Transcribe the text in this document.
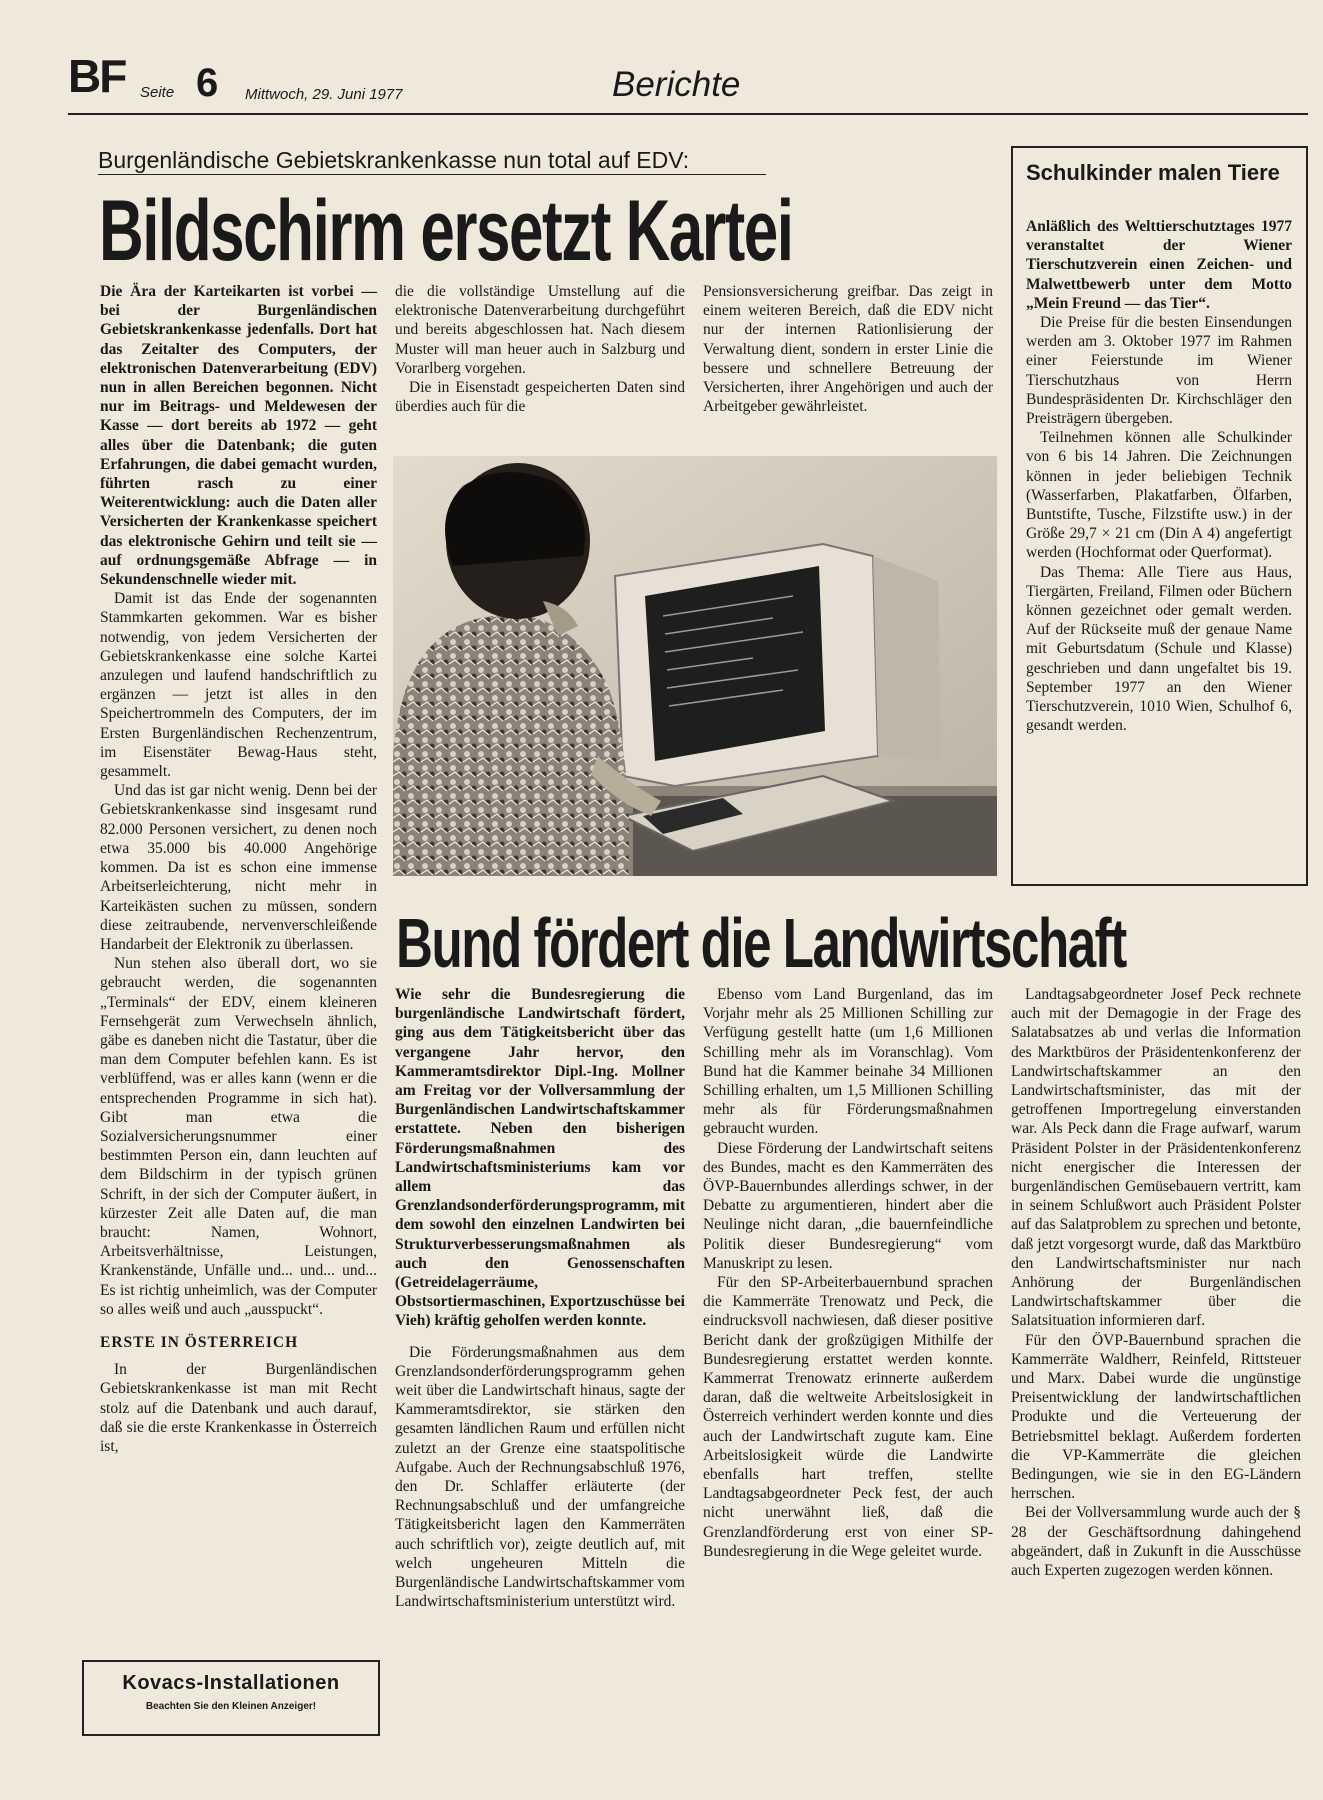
BF Seite 6 Mittwoch, 29. Juni 1977	Berichte
Burgenländische Gebietskrankenkasse nun total auf EDV:
Bildschirm ersetzt Kartei

Die Ära der Karteikarten ist vorbei — bei der Burgenländischen Gebietskrankenkasse jedenfalls. Dort hat das Zeitalter des Computers, der elektronischen Datenverarbeitung (EDV) nun in allen Bereichen begonnen. Nicht nur im Beitrags- und Meldewesen der Kasse — dort bereits ab 1972 — geht alles über die Datenbank; die guten Erfahrungen, die dabei gemacht wurden, führten rasch zu einer Weiterentwicklung: auch die Daten aller Versicherten der Krankenkasse speichert das elektronische Gehirn und teilt sie — auf ordnungsgemäße Abfrage — in Sekundenschnelle wieder mit.

Damit ist das Ende der sogenannten Stammkarten gekommen. War es bisher notwendig, von jedem Versicherten der Gebietskrankenkasse eine solche Kartei anzulegen und laufend handschriftlich zu ergänzen — jetzt ist alles in den Speichertrommeln des Computers, der im Ersten Burgenländischen Rechenzentrum, im Eisenstäter Bewag-Haus steht, gesammelt.

Und das ist gar nicht wenig. Denn bei der Gebietskrankenkasse sind insgesamt rund 82.000 Personen versichert, zu denen noch etwa 35.000 bis 40.000 Angehörige kommen. Da ist es schon eine immense Arbeitserleichterung, nicht mehr in Karteikästen suchen zu müssen, sondern diese zeitraubende, nervenverschleißende Handarbeit der Elektronik zu überlassen.

Nun stehen also überall dort, wo sie gebraucht werden, die sogenannten „Terminals“ der EDV, einem kleineren Fernsehgerät zum Verwechseln ähnlich, gäbe es daneben nicht die Tastatur, über die man dem Computer befehlen kann. Es ist verblüffend, was er alles kann (wenn er die entsprechenden Programme in sich hat). Gibt man etwa die Sozialversicherungsnummer einer bestimmten Person ein, dann leuchten auf dem Bildschirm in der typisch grünen Schrift, in der sich der Computer äußert, in kürzester Zeit alle Daten auf, die man braucht: Namen, Wohnort, Arbeitsverhältnisse, Leistungen, Krankenstände, Unfälle und... und... und... Es ist richtig unheimlich, was der Computer so alles weiß und auch „ausspuckt“.

ERSTE IN ÖSTERREICH

In der Burgenländischen Gebietskrankenkasse ist man mit Recht stolz auf die Datenbank und auch darauf, daß sie die erste Krankenkasse in Österreich ist,

die die vollständige Umstellung auf die elektronische Datenverarbeitung durchgeführt und bereits abgeschlossen hat. Nach diesem Muster will man heuer auch in Salzburg und Vorarlberg vorgehen.

Die in Eisenstadt gespeicherten Daten sind überdies auch für die

Pensionsversicherung greifbar. Das zeigt in einem weiteren Bereich, daß die EDV nicht nur der internen Rationlisierung der Verwaltung dient, sondern in erster Linie die bessere und schnellere Betreuung der Versicherten, ihrer Angehörigen und auch der Arbeitgeber gewährleistet.

Schulkinder malen Tiere

Anläßlich des Welttierschutztages 1977 veranstaltet der Wiener Tierschutzverein einen Zeichen- und Malwettbewerb unter dem Motto „Mein Freund — das Tier“.

Die Preise für die besten Einsendungen werden am 3. Oktober 1977 im Rahmen einer Feierstunde im Wiener Tierschutzhaus von Herrn Bundespräsidenten Dr. Kirchschläger den Preisträgern übergeben.

Teilnehmen können alle Schulkinder von 6 bis 14 Jahren. Die Zeichnungen können in jeder beliebigen Technik (Wasserfarben, Plakatfarben, Ölfarben, Buntstifte, Tusche, Filzstifte usw.) in der Größe 29,7 × 21 cm (Din A 4) angefertigt werden (Hochformat oder Querformat).

Das Thema: Alle Tiere aus Haus, Tiergärten, Freiland, Filmen oder Büchern können gezeichnet oder gemalt werden. Auf der Rückseite muß der genaue Name mit Geburtsdatum (Schule und Klasse) geschrieben und dann ungefaltet bis 19. September 1977 an den Wiener Tierschutzverein, 1010 Wien, Schulhof 6, gesandt werden.

Bund fördert die Landwirtschaft

Wie sehr die Bundesregierung die burgenländische Landwirtschaft fördert, ging aus dem Tätigkeitsbericht über das vergangene Jahr hervor, den Kammeramtsdirektor Dipl.-Ing. Mollner am Freitag vor der Vollversammlung der Burgenländischen Landwirtschaftskammer erstattete. Neben den bisherigen Förderungsmaßnahmen des Landwirtschaftsministeriums kam vor allem das Grenzlandsonderförderungsprogramm, mit dem sowohl den einzelnen Landwirten bei Strukturverbesserungsmaßnahmen als auch den Genossenschaften (Getreidelagerräume, Obstsortiermaschinen, Exportzuschüsse bei Vieh) kräftig geholfen werden konnte.

Die Förderungsmaßnahmen aus dem Grenzlandsonderförderungsprogramm gehen weit über die Landwirtschaft hinaus, sagte der Kammeramtsdirektor, sie stärken den gesamten ländlichen Raum und erfüllen nicht zuletzt an der Grenze eine staatspolitische Aufgabe. Auch der Rechnungsabschluß 1976, den Dr. Schlaffer erläuterte (der Rechnungsabschluß und der umfangreiche Tätigkeitsbericht lagen den Kammerräten auch schriftlich vor), zeigte deutlich auf, mit welch ungeheuren Mitteln die Burgenländische Landwirtschaftskammer vom Landwirtschaftsministerium unterstützt wird.

Ebenso vom Land Burgenland, das im Vorjahr mehr als 25 Millionen Schilling zur Verfügung gestellt hatte (um 1,6 Millionen Schilling mehr als im Voranschlag). Vom Bund hat die Kammer beinahe 34 Millionen Schilling erhalten, um 1,5 Millionen Schilling mehr als für Förderungsmaßnahmen gebraucht wurden.

Diese Förderung der Landwirtschaft seitens des Bundes, macht es den Kammerräten des ÖVP-Bauernbundes allerdings schwer, in der Debatte zu argumentieren, hindert aber die Neulinge nicht daran, „die bauernfeindliche Politik dieser Bundesregierung“ vom Manuskript zu lesen.

Für den SP-Arbeiterbauernbund sprachen die Kammerräte Trenowatz und Peck, die eindrucksvoll nachwiesen, daß dieser positive Bericht dank der großzügigen Mithilfe der Bundesregierung erstattet werden konnte. Kammerrat Trenowatz erinnerte außerdem daran, daß die weltweite Arbeitslosigkeit in Österreich verhindert werden konnte und dies auch der Landwirtschaft zugute kam. Eine Arbeitslosigkeit würde die Landwirte ebenfalls hart treffen, stellte Landtagsabgeordneter Peck fest, der auch nicht unerwähnt ließ, daß die Grenzlandförderung erst von einer SP-Bundesregierung in die Wege geleitet wurde.

Landtagsabgeordneter Josef Peck rechnete auch mit der Demagogie in der Frage des Salatabsatzes ab und verlas die Information des Marktbüros der Präsidentenkonferenz der Landwirtschaftskammer an den Landwirtschaftsminister, das mit der getroffenen Importregelung einverstanden war. Als Peck dann die Frage aufwarf, warum Präsident Polster in der Präsidentenkonferenz nicht energischer die Interessen der burgenländischen Gemüsebauern vertritt, kam in seinem Schlußwort auch Präsident Polster auf das Salatproblem zu sprechen und betonte, daß jetzt vorgesorgt wurde, daß das Marktbüro den Landwirtschaftsminister nur nach Anhörung der Burgenländischen Landwirtschaftskammer über die Salatsituation informieren darf.

Für den ÖVP-Bauernbund sprachen die Kammerräte Waldherr, Reinfeld, Rittsteuer und Marx. Dabei wurde die ungünstige Preisentwicklung der landwirtschaftlichen Produkte und die Verteuerung der Betriebsmittel beklagt. Außerdem forderten die VP-Kammerräte die gleichen Bedingungen, wie sie in den EG-Ländern herrschen.

Bei der Vollversammlung wurde auch der § 28 der Geschäftsordnung dahingehend abgeändert, daß in Zukunft in die Ausschüsse auch Experten zugezogen werden können.

Kovacs-Installationen
Beachten Sie den Kleinen Anzeiger!
